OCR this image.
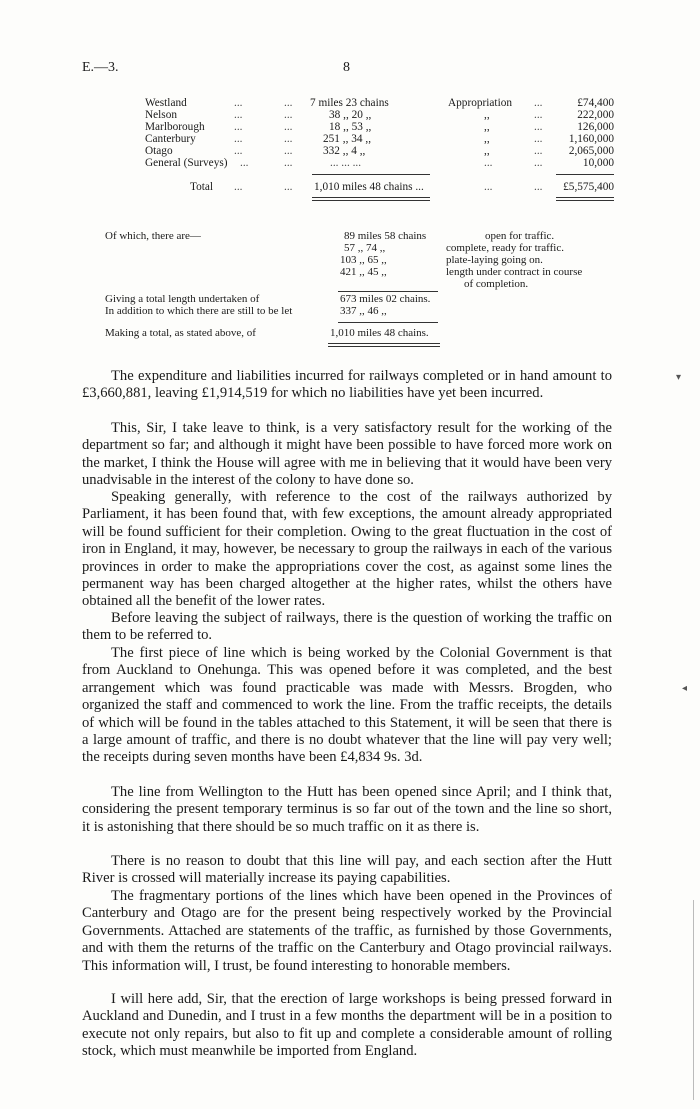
E.—3.	8
Westland	...	... 7 miles 23 chains	Appropriation ...	£74,400
Nelson	...	...	38 ,, 20 ,,	,,	...	222,000
Marlborough	...	...	18 ,, 53 ,,	,,	...	126,000
Canterbury	...	...	251 ,, 34 ,,	,,	... 1,160,000
Otago	...	...	332 ,, 4 ,,	,,	... 2,065,000
General (Surveys) ...	...	... ... ...	...	...	10,000
Total ...	... 1,010 miles 48 chains ...	...	... £5,575,400
Of which, there are—	89 miles 58 chains	open for traffic.
57 ,, 74 ,,	complete, ready for traffic.
103 ,, 65 ,,	plate-laying going on.
421 ,, 45 ,,	length under contract in course
of completion.
Giving a total length undertaken of	673 miles 02 chains.
In addition to which there are still to be let	337 ,, 46 ,,
Making a total, as stated above, of	1,010 miles 48 chains.

The expenditure and liabilities incurred for railways completed or in hand amount to £3,660,881, leaving £1,914,519 for which no liabilities have yet been incurred.

This, Sir, I take leave to think, is a very satisfactory result for the working of the department so far; and although it might have been possible to have forced more work on the market, I think the House will agree with me in believing that it would have been very unadvisable in the interest of the colony to have done so.

Speaking generally, with reference to the cost of the railways authorized by Parliament, it has been found that, with few exceptions, the amount already appropriated will be found sufficient for their completion. Owing to the great fluctuation in the cost of iron in England, it may, however, be necessary to group the railways in each of the various provinces in order to make the appropriations cover the cost, as against some lines the permanent way has been charged altogether at the higher rates, whilst the others have obtained all the benefit of the lower rates.

Before leaving the subject of railways, there is the question of working the traffic on them to be referred to.

The first piece of line which is being worked by the Colonial Government is that from Auckland to Onehunga. This was opened before it was completed, and the best arrangement which was found practicable was made with Messrs. Brogden, who organized the staff and commenced to work the line. From the traffic receipts, the details of which will be found in the tables attached to this Statement, it will be seen that there is a large amount of traffic, and there is no doubt whatever that the line will pay very well; the receipts during seven months have been £4,834 9s. 3d.

The line from Wellington to the Hutt has been opened since April; and I think that, considering the present temporary terminus is so far out of the town and the line so short, it is astonishing that there should be so much traffic on it as there is.

There is no reason to doubt that this line will pay, and each section after the Hutt River is crossed will materially increase its paying capabilities.

The fragmentary portions of the lines which have been opened in the Provinces of Canterbury and Otago are for the present being respectively worked by the Provincial Governments. Attached are statements of the traffic, as furnished by those Governments, and with them the returns of the traffic on the Canterbury and Otago provincial railways. This information will, I trust, be found interesting to honorable members.

I will here add, Sir, that the erection of large workshops is being pressed forward in Auckland and Dunedin, and I trust in a few months the department will be in a position to execute not only repairs, but also to fit up and complete a considerable amount of rolling stock, which must meanwhile be imported from England.

▾
◂
